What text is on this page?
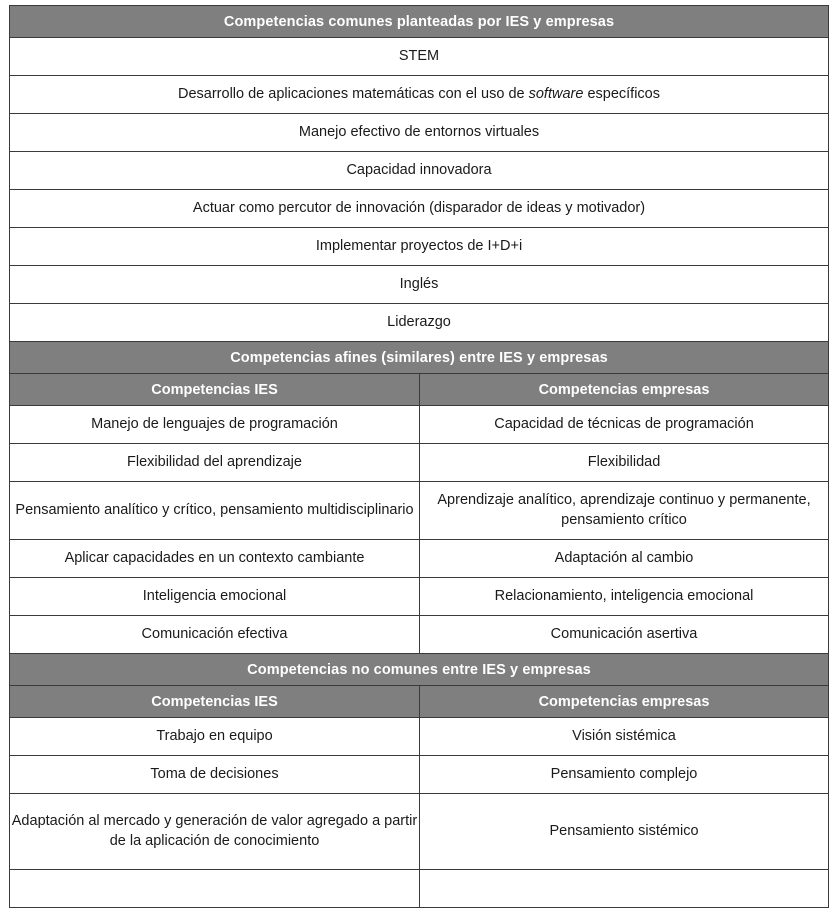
Competencias comunes planteadas por IES y empresas	
STEM	

Desarrollo de aplicaciones matemáticas con el uso de software específicos	

Manejo efectivo de entornos virtuales	
Capacidad innovadora	
Actuar como percutor de innovación (disparador de ideas y motivador)	
Implementar proyectos de I+D+i	
Inglés	
Liderazgo	
Competencias afines (similares) entre IES y empresas	
Competencias IES	Competencias empresas
Manejo de lenguajes de programación	Capacidad de técnicas de programación
Flexibilidad del aprendizaje	Flexibilidad
Pensamiento analítico y crítico, pensamiento multidisciplinario	Aprendizaje analítico, aprendizaje continuo y permanente, pensamiento crítico
Aplicar capacidades en un contexto cambiante	Adaptación al cambio
Inteligencia emocional	Relacionamiento, inteligencia emocional
Comunicación efectiva	Comunicación asertiva
Competencias no comunes entre IES y empresas	
Competencias IES	Competencias empresas
Trabajo en equipo	Visión sistémica
Toma de decisiones	Pensamiento complejo
Adaptación al mercado y generación de valor agregado a partir de la aplicación de conocimiento	Pensamiento sistémico
